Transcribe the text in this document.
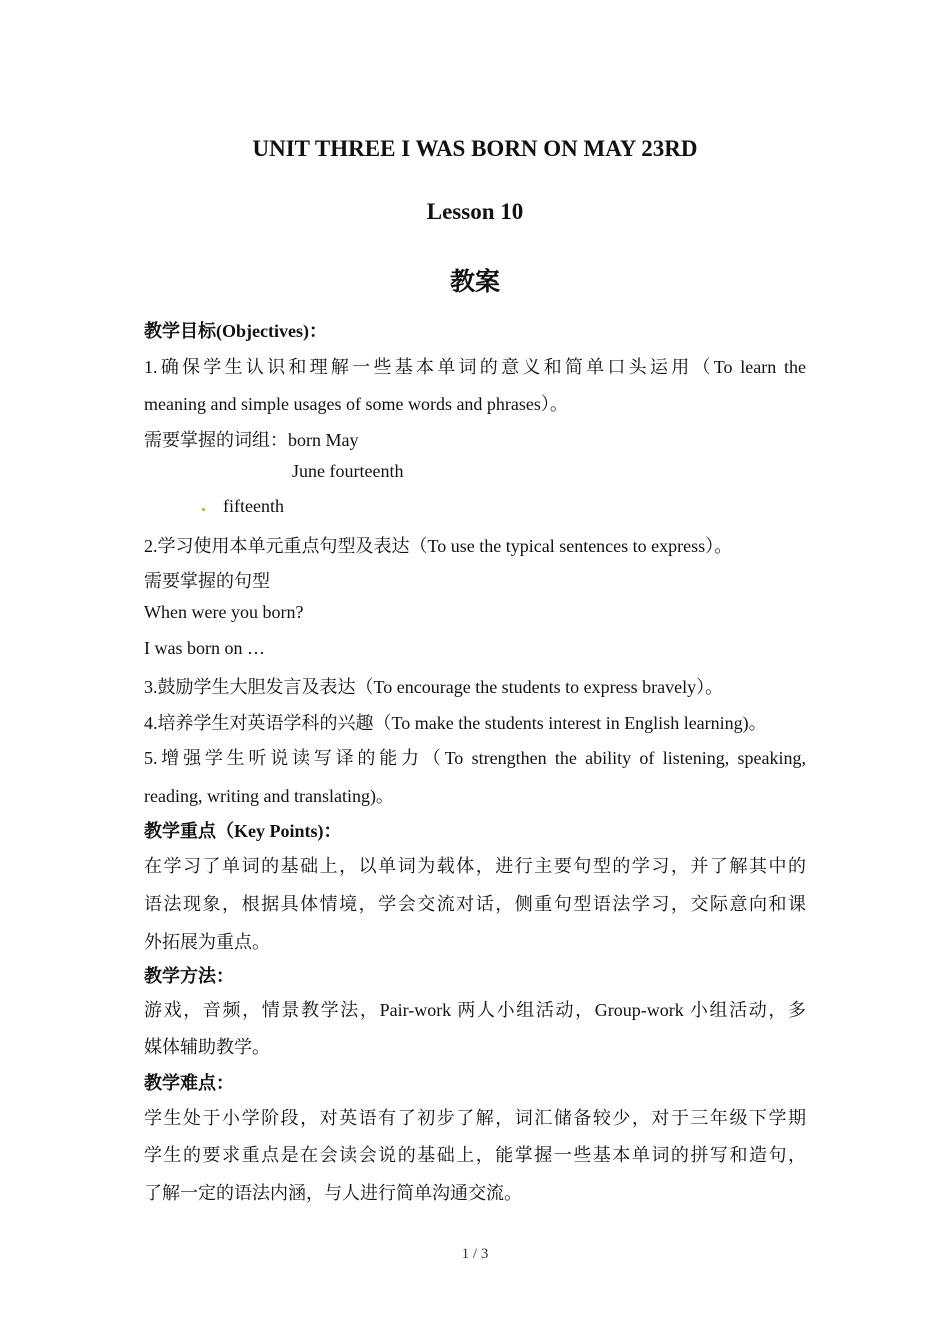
UNIT THREE I WAS BORN ON MAY 23RD
Lesson 10
教案
教学目标(Objectives)：
1.确保学生认识和理解一些基本单词的意义和简单口头运用（To learn the
meaning and simple usages of some words and phrases）。
需要掌握的词组：born May
June fourteenth
fifteenth
2.学习使用本单元重点句型及表达（To use the typical sentences to express）。
需要掌握的句型
When were you born?
I was born on …
3.鼓励学生大胆发言及表达（To encourage the students to express bravely）。
4.培养学生对英语学科的兴趣（To make the students interest in English learning)。
5.增强学生听说读写译的能力（To strengthen the ability of listening, speaking,
reading, writing and translating)。
教学重点（Key Points)：
在学习了单词的基础上，以单词为载体，进行主要句型的学习，并了解其中的
语法现象，根据具体情境，学会交流对话，侧重句型语法学习，交际意向和课
外拓展为重点。
教学方法：
游戏，音频，情景教学法，Pair-work 两人小组活动，Group-work 小组活动，多
媒体辅助教学。
教学难点：
学生处于小学阶段，对英语有了初步了解，词汇储备较少，对于三年级下学期
学生的要求重点是在会读会说的基础上，能掌握一些基本单词的拼写和造句，
了解一定的语法内涵，与人进行简单沟通交流。
1 / 3
